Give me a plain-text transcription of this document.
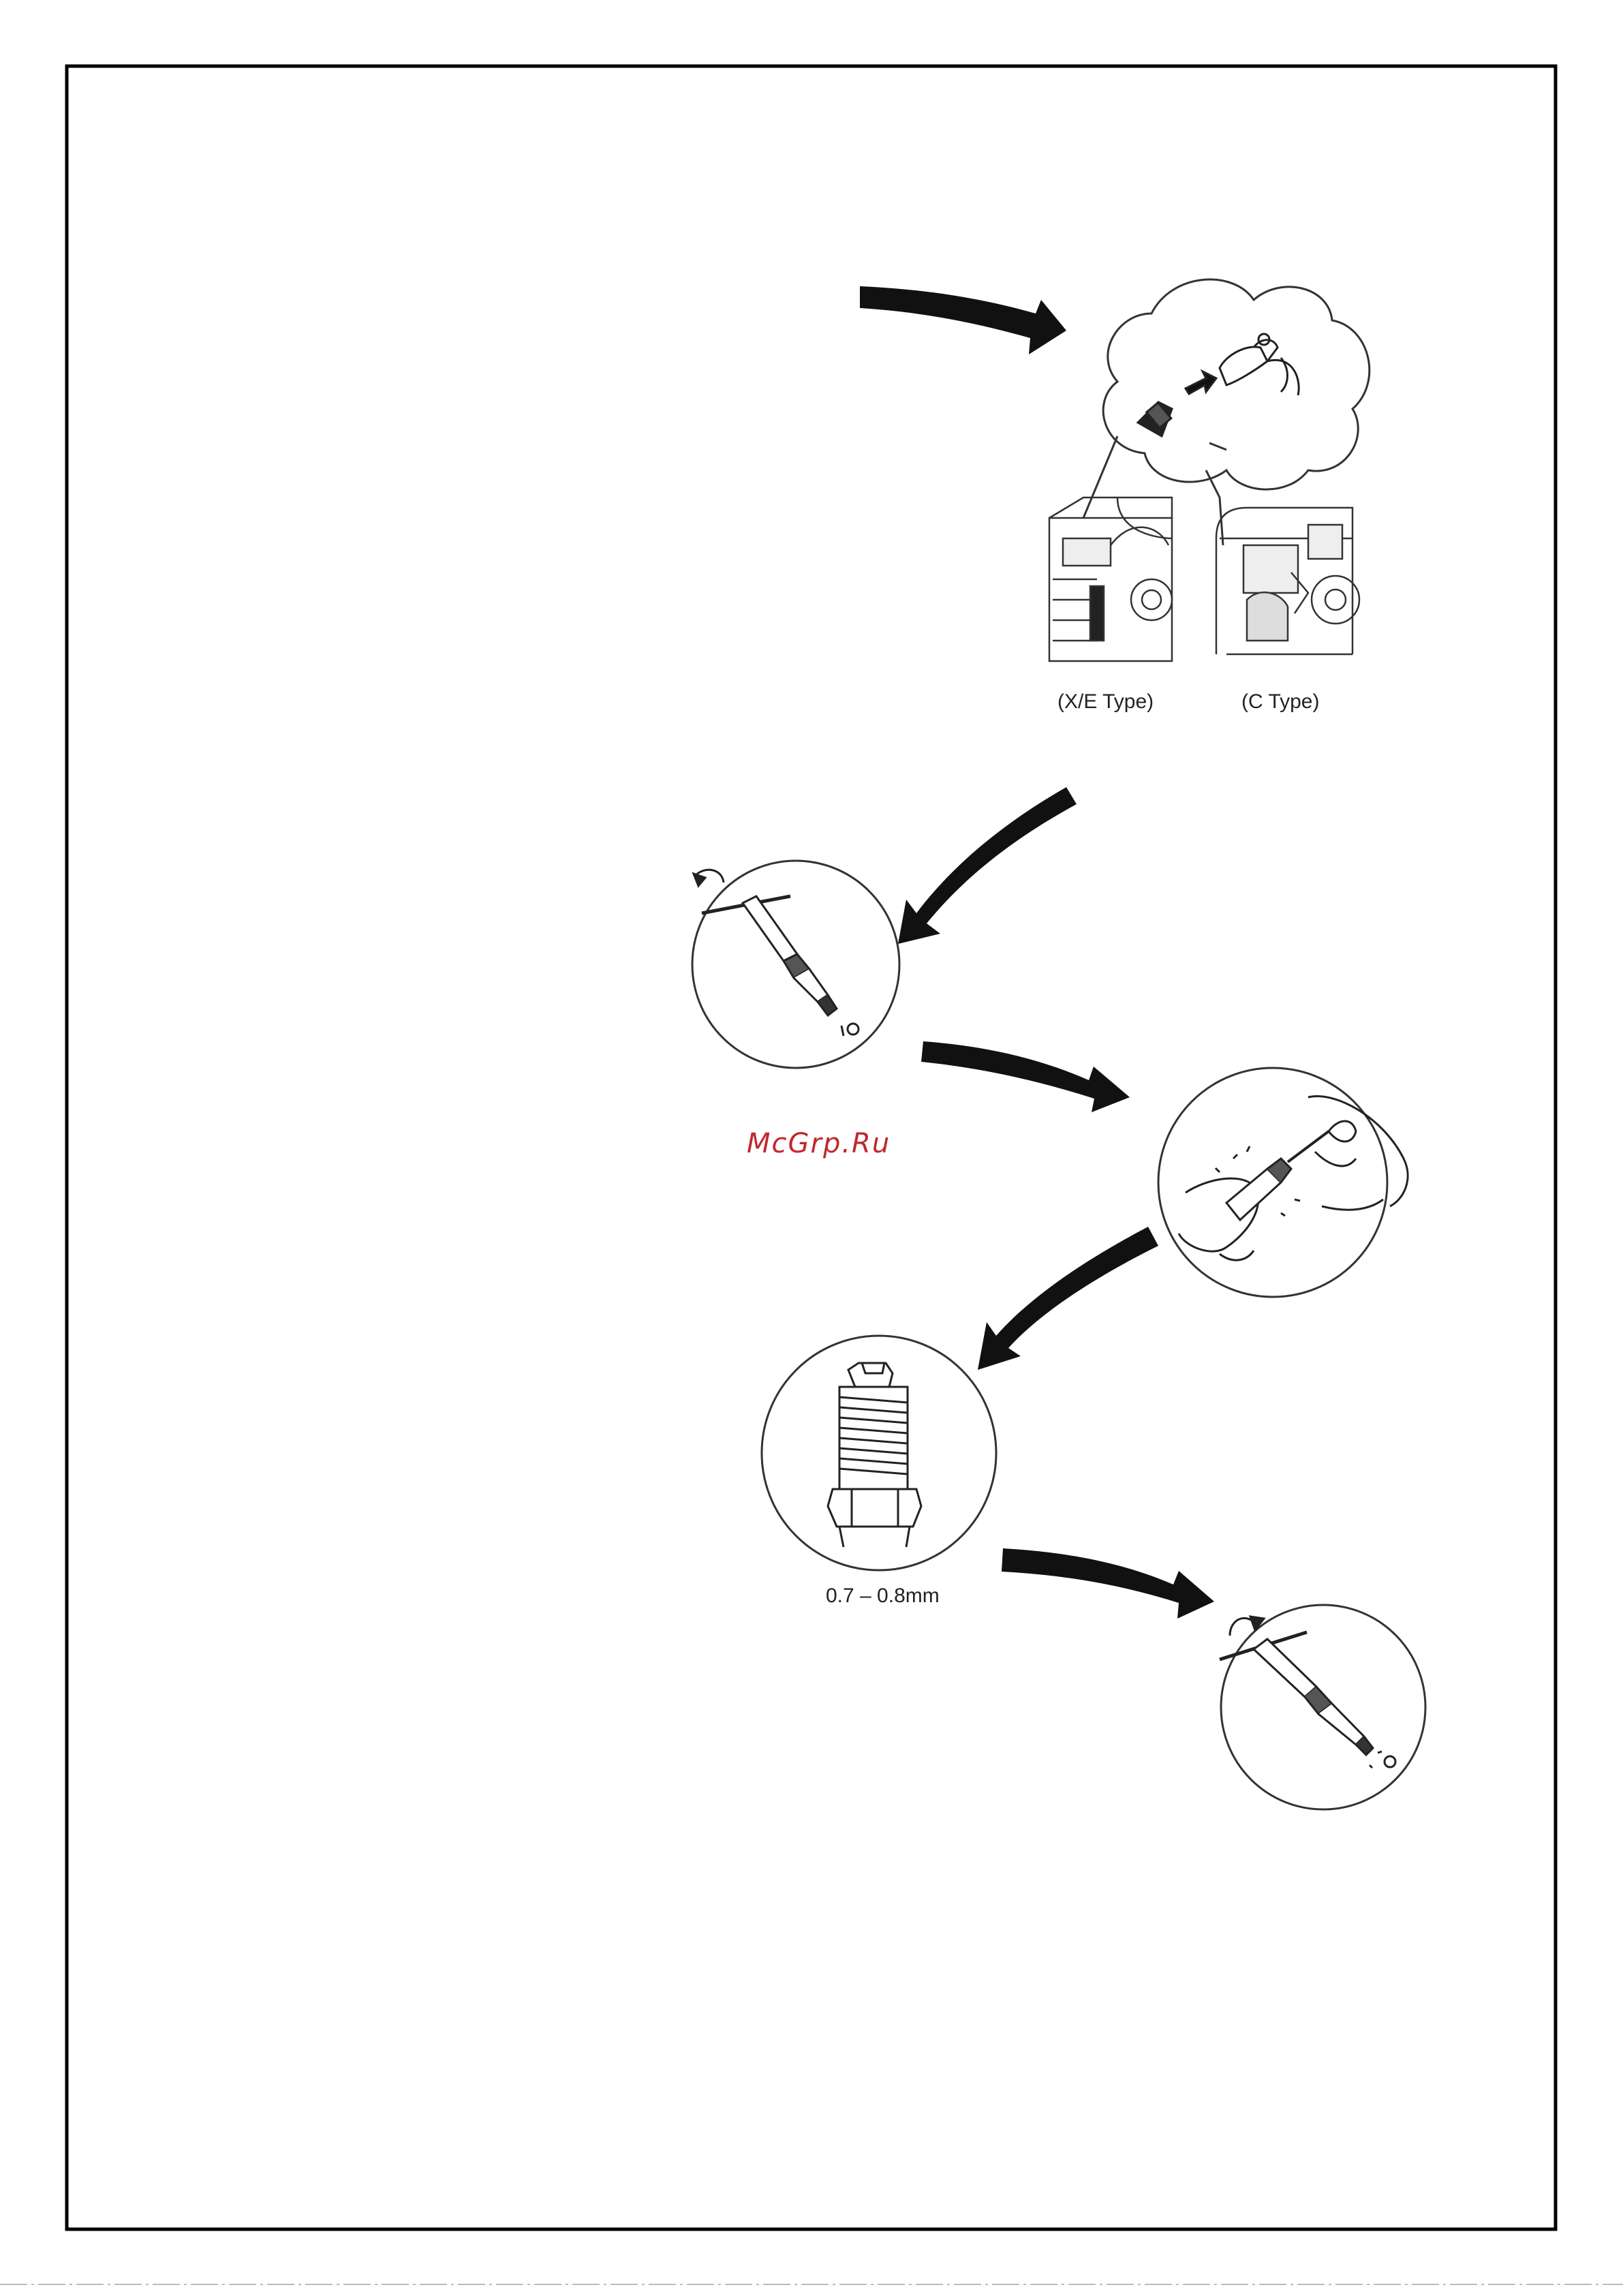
(X/E Type)	(C Type)
0.7 – 0.8mm
McGrp.Ru
